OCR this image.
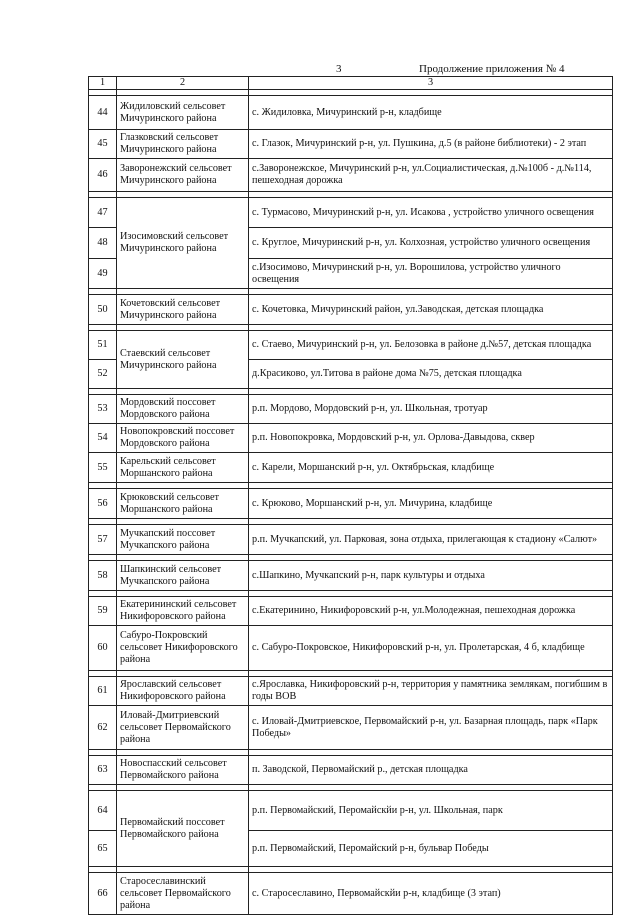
3	Продолжение приложения № 4
1	2	3

44	Жидиловский сельсовет Мичуринского района	с. Жидиловка, Мичуринский р-н, кладбище
45	Глазковский сельсовет Мичуринского района	с. Глазок, Мичуринский р-н, ул. Пушкина, д.5 (в районе библиотеки) - 2 этап
46	Заворонежский сельсовет Мичуринского района	с.Заворонежское, Мичуринский р-н, ул.Социалистическая, д.№100б - д.№114, пешеходная дорожка

47	Изосимовский сельсовет Мичуринского района	с. Турмасово, Мичуринский р-н, ул. Исакова , устройство уличного освещения
48		с. Круглое, Мичуринский р-н, ул. Колхозная, устройство уличного освещения
49		с.Изосимово, Мичуринский р-н, ул. Ворошилова, устройство уличного освещения

50	Кочетовский сельсовет Мичуринского района	с. Кочетовка, Мичуринский район, ул.Заводская, детская площадка

51	Стаевский сельсовет Мичуринского района	с. Стаево, Мичуринский р-н, ул. Белозовка в районе д.№57, детская площадка
52		д.Красиково, ул.Титова в районе дома №75, детская площадка

53	Мордовский поссовет Мордовского района	р.п. Мордово, Мордовский р-н, ул. Школьная, тротуар
54	Новопокровский поссовет Мордовского района	р.п. Новопокровка, Мордовский р-н, ул. Орлова-Давыдова, сквер
55	Карельский сельсовет Моршанского района	с. Карели, Моршанский р-н, ул. Октябрьская, кладбище

56	Крюковский сельсовет Моршанского района	с. Крюково, Моршанский р-н, ул. Мичурина, кладбище

57	Мучкапский поссовет Мучкапского района	р.п. Мучкапский, ул. Парковая, зона отдыха, прилегающая к стадиону «Салют»

58	Шапкинский сельсовет Мучкапского района	с.Шапкино, Мучкапский р-н, парк культуры и отдыха

59	Екатерининский сельсовет Никифоровского района	с.Екатеринино, Никифоровский р-н, ул.Молодежная, пешеходная дорожка
60	Сабуро-Покровский сельсовет Никифоровского района	с. Сабуро-Покровское, Никифоровский р-н, ул. Пролетарская, 4 б, кладбище

61	Ярославский сельсовет Никифоровского района	с.Ярославка, Никифоровский р-н, территория у памятника землякам, погибшим в годы ВОВ
62	Иловай-Дмитриевский сельсовет Первомайского района	с. Иловай-Дмитриевское, Первомайский р-н, ул. Базарная площадь, парк «Парк Победы»

63	Новоспасский сельсовет Первомайского района	п. Заводской, Первомайский р., детская площадка

64	Первомайский поссовет Первомайского района	р.п. Первомайский, Перомайскйи р-н, ул. Школьная, парк
65		р.п. Первомайский, Перомайский р-н, бульвар Победы

66	Старосеславинский сельсовет Первомайского района	с. Старосеславино, Первомайскйи р-н, кладбище (3 этап)
